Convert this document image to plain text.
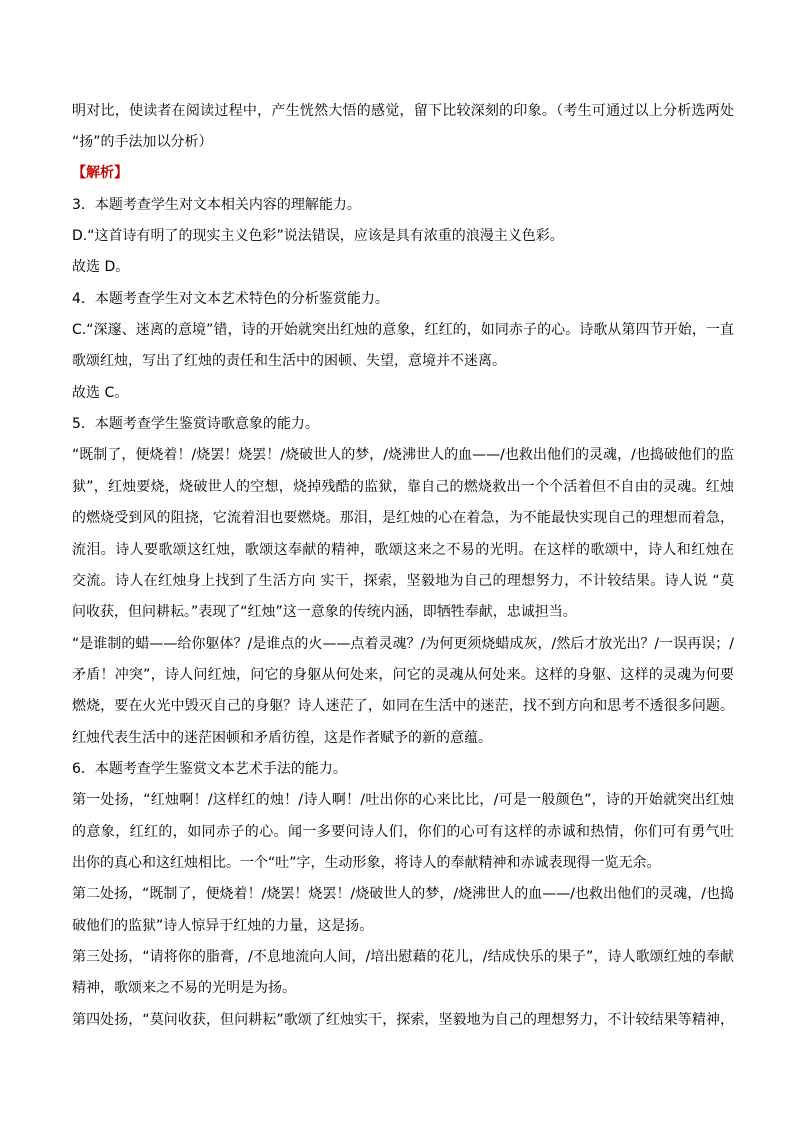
明对比，使读者在阅读过程中，产生恍然大悟的感觉，留下比较深刻的印象。（考生可通过以上分析选两处
“扬”的手法加以分析）
【解析】
3．本题考查学生对文本相关内容的理解能力。
D.“这首诗有明了的现实主义色彩”说法错误，应该是具有浓重的浪漫主义色彩。
故选 D。
4．本题考查学生对文本艺术特色的分析鉴赏能力。
C.“深邃、迷离的意境”错，诗的开始就突出红烛的意象，红红的，如同赤子的心。诗歌从第四节开始，一直
歌颂红烛，写出了红烛的责任和生活中的困顿、失望，意境并不迷离。
故选 C。
5．本题考查学生鉴赏诗歌意象的能力。
“既制了，便烧着！/烧罢！烧罢！/烧破世人的梦，/烧沸世人的血——/也救出他们的灵魂，/也捣破他们的监
狱”，红烛要烧，烧破世人的空想，烧掉残酷的监狱，靠自己的燃烧救出一个个活着但不自由的灵魂。红烛
的燃烧受到风的阻挠，它流着泪也要燃烧。那泪，是红烛的心在着急，为不能最快实现自己的理想而着急，
流泪。诗人要歌颂这红烛，歌颂这奉献的精神，歌颂这来之不易的光明。在这样的歌颂中，诗人和红烛在
交流。诗人在红烛身上找到了生活方向 实干，探索，坚毅地为自己的理想努力，不计较结果。诗人说 “莫
问收获，但问耕耘。”表现了“红烛”这一意象的传统内涵，即牺牲奉献，忠诚担当。
“是谁制的蜡——给你躯体？/是谁点的火——点着灵魂？/为何更须烧蜡成灰，/然后才放光出？/一误再误；/
矛盾！冲突”，诗人问红烛，问它的身躯从何处来，问它的灵魂从何处来。这样的身躯、这样的灵魂为何要
燃烧，要在火光中毁灭自己的身躯？诗人迷茫了，如同在生活中的迷茫，找不到方向和思考不透很多问题。
红烛代表生活中的迷茫困顿和矛盾彷徨，这是作者赋予的新的意蕴。
6．本题考查学生鉴赏文本艺术手法的能力。
第一处扬，“红烛啊！/这样红的烛！/诗人啊！/吐出你的心来比比，/可是一般颜色”，诗的开始就突出红烛
的意象，红红的，如同赤子的心。闻一多要问诗人们，你们的心可有这样的赤诚和热情，你们可有勇气吐
出你的真心和这红烛相比。一个“吐”字，生动形象，将诗人的奉献精神和赤诚表现得一览无余。
第二处扬，“既制了，便烧着！/烧罢！烧罢！/烧破世人的梦，/烧沸世人的血——/也救出他们的灵魂，/也捣
破他们的监狱”诗人惊异于红烛的力量，这是扬。
第三处扬，“请将你的脂膏，/不息地流向人间，/培出慰藉的花儿，/结成快乐的果子”，诗人歌颂红烛的奉献
精神，歌颂来之不易的光明是为扬。
第四处扬，“莫问收获，但问耕耘”歌颂了红烛实干，探索，坚毅地为自己的理想努力，不计较结果等精神，
